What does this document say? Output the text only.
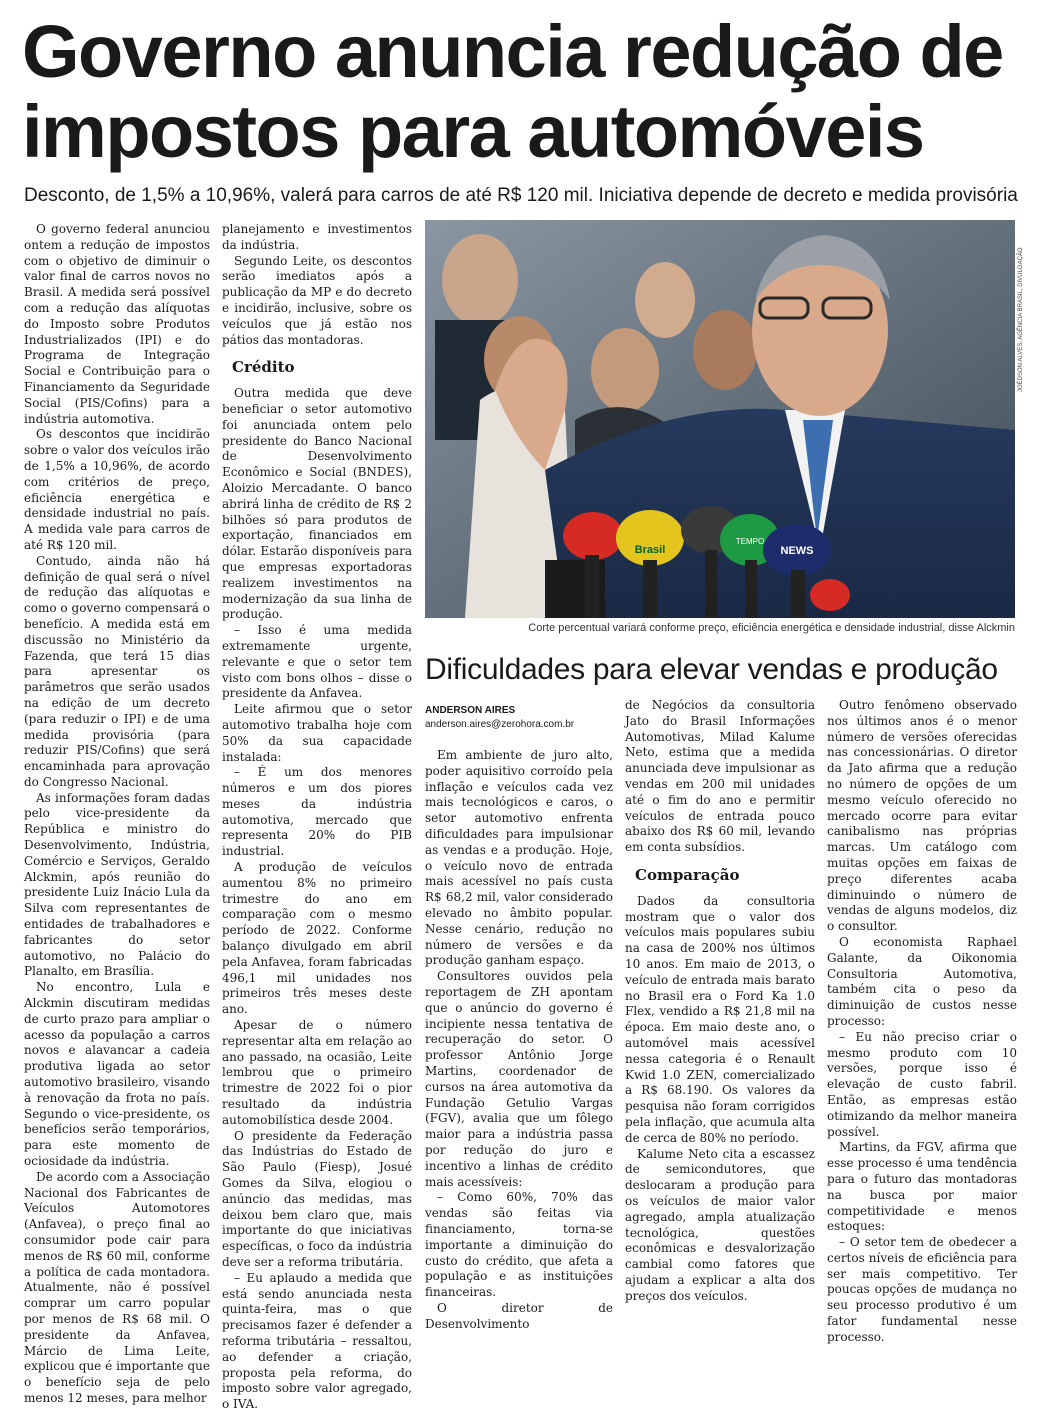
Governo anuncia redução de impostos para automóveis

Desconto, de 1,5% a 10,96%, valerá para carros de até R$ 120 mil. Iniciativa depende de decreto e medida provisória

O governo federal anunciou ontem a redução de impostos com o objetivo de diminuir o valor final de carros novos no Brasil. A medida será possível com a redução das alíquotas do Imposto sobre Produtos Industrializados (IPI) e do Programa de Integração Social e Contribuição para o Financiamento da Seguridade Social (PIS/Cofins) para a indústria automotiva.

Os descontos que incidirão sobre o valor dos veículos irão de 1,5% a 10,96%, de acordo com critérios de preço, eficiência energética e densidade industrial no país. A medida vale para carros de até R$ 120 mil.

Contudo, ainda não há definição de qual será o nível de redução das alíquotas e como o governo compensará o benefício. A medida está em discussão no Ministério da Fazenda, que terá 15 dias para apresentar os parâmetros que serão usados na edição de um decreto (para reduzir o IPI) e de uma medida provisória (para reduzir PIS/Cofins) que será encaminhada para aprovação do Congresso Nacional.

As informações foram dadas pelo vice-presidente da República e ministro do Desenvolvimento, Indústria, Comércio e Serviços, Geraldo Alckmin, após reunião do presidente Luiz Inácio Lula da Silva com representantes de entidades de trabalhadores e fabricantes do setor automotivo, no Palácio do Planalto, em Brasília.

No encontro, Lula e Alckmin discutiram medidas de curto prazo para ampliar o acesso da população a carros novos e alavancar a cadeia produtiva ligada ao setor automotivo brasileiro, visando à renovação da frota no país. Segundo o vice-presidente, os benefícios serão temporários, para este momento de ociosidade da indústria.

De acordo com a Associação Nacional dos Fabricantes de Veículos Automotores (Anfavea), o preço final ao consumidor pode cair para menos de R$ 60 mil, conforme a política de cada montadora. Atualmente, não é possível comprar um carro popular por menos de R$ 68 mil. O presidente da Anfavea, Márcio de Lima Leite, explicou que é importante que o benefício seja de pelo menos 12 meses, para melhor

planejamento e investimentos da indústria.

Segundo Leite, os descontos serão imediatos após a publicação da MP e do decreto e incidirão, inclusive, sobre os veículos que já estão nos pátios das montadoras.

Crédito

Outra medida que deve beneficiar o setor automotivo foi anunciada ontem pelo presidente do Banco Nacional de Desenvolvimento Econômico e Social (BNDES), Aloizio Mercadante. O banco abrirá linha de crédito de R$ 2 bilhões só para produtos de exportação, financiados em dólar. Estarão disponíveis para que empresas exportadoras realizem investimentos na modernização da sua linha de produção.

– Isso é uma medida extremamente urgente, relevante e que o setor tem visto com bons olhos – disse o presidente da Anfavea.

Leite afirmou que o setor automotivo trabalha hoje com 50% da sua capacidade instalada:

– É um dos menores números e um dos piores meses da indústria automotiva, mercado que representa 20% do PIB industrial.

A produção de veículos aumentou 8% no primeiro trimestre do ano em comparação com o mesmo período de 2022. Conforme balanço divulgado em abril pela Anfavea, foram fabricadas 496,1 mil unidades nos primeiros três meses deste ano.

Apesar de o número representar alta em relação ao ano passado, na ocasião, Leite lembrou que o primeiro trimestre de 2022 foi o pior resultado da indústria automobilística desde 2004.

O presidente da Federação das Indústrias do Estado de São Paulo (Fiesp), Josué Gomes da Silva, elogiou o anúncio das medidas, mas deixou bem claro que, mais importante do que iniciativas específicas, o foco da indústria deve ser a reforma tributária.

– Eu aplaudo a medida que está sendo anunciada nesta quinta-feira, mas o que precisamos fazer é defender a reforma tributária – ressaltou, ao defender a criação, proposta pela reforma, do imposto sobre valor agregado, o IVA.

Brasil
TEMPO
NEWS
JOÉDSON ALVES, AGÊNCIA BRASIL, DIVULGAÇÃO
Corte percentual variará conforme preço, eficiência energética e densidade industrial, disse Alckmin
Dificuldades para elevar vendas e produção
ANDERSON AIRES
anderson.aires@zerohora.com.br

Em ambiente de juro alto, poder aquisitivo corroído pela inflação e veículos cada vez mais tecnológicos e caros, o setor automotivo enfrenta dificuldades para impulsionar as vendas e a produção. Hoje, o veículo novo de entrada mais acessível no país custa R$ 68,2 mil, valor considerado elevado no âmbito popular. Nesse cenário, redução no número de versões e da produção ganham espaço.

Consultores ouvidos pela reportagem de ZH apontam que o anúncio do governo é incipiente nessa tentativa de recuperação do setor. O professor Antônio Jorge Martins, coordenador de cursos na área automotiva da Fundação Getulio Vargas (FGV), avalia que um fôlego maior para a indústria passa por redução do juro e incentivo a linhas de crédito mais acessíveis:

– Como 60%, 70% das vendas são feitas via financiamento, torna-se importante a diminuição do custo do crédito, que afeta a população e as instituições financeiras.

O diretor de Desenvolvimento

de Negócios da consultoria Jato do Brasil Informações Automotivas, Milad Kalume Neto, estima que a medida anunciada deve impulsionar as vendas em 200 mil unidades até o fim do ano e permitir veículos de entrada pouco abaixo dos R$ 60 mil, levando em conta subsídios.

Comparação

Dados da consultoria mostram que o valor dos veículos mais populares subiu na casa de 200% nos últimos 10 anos. Em maio de 2013, o veículo de entrada mais barato no Brasil era o Ford Ka 1.0 Flex, vendido a R$ 21,8 mil na época. Em maio deste ano, o automóvel mais acessível nessa categoria é o Renault Kwid 1.0 ZEN, comercializado a R$ 68.190. Os valores da pesquisa não foram corrigidos pela inflação, que acumula alta de cerca de 80% no período.

Kalume Neto cita a escassez de semicondutores, que deslocaram a produção para os veículos de maior valor agregado, ampla atualização tecnológica, questões econômicas e desvalorização cambial como fatores que ajudam a explicar a alta dos preços dos veículos.

Outro fenômeno observado nos últimos anos é o menor número de versões oferecidas nas concessionárias. O diretor da Jato afirma que a redução no número de opções de um mesmo veículo oferecido no mercado ocorre para evitar canibalismo nas próprias marcas. Um catálogo com muitas opções em faixas de preço diferentes acaba diminuindo o número de vendas de alguns modelos, diz o consultor.

O economista Raphael Galante, da Oikonomia Consultoria Automotiva, também cita o peso da diminuição de custos nesse processo:

– Eu não preciso criar o mesmo produto com 10 versões, porque isso é elevação de custo fabril. Então, as empresas estão otimizando da melhor maneira possível.

Martins, da FGV, afirma que esse processo é uma tendência para o futuro das montadoras na busca por maior competitividade e menos estoques:

– O setor tem de obedecer a certos níveis de eficiência para ser mais competitivo. Ter poucas opções de mudança no seu processo produtivo é um fator fundamental nesse processo.
